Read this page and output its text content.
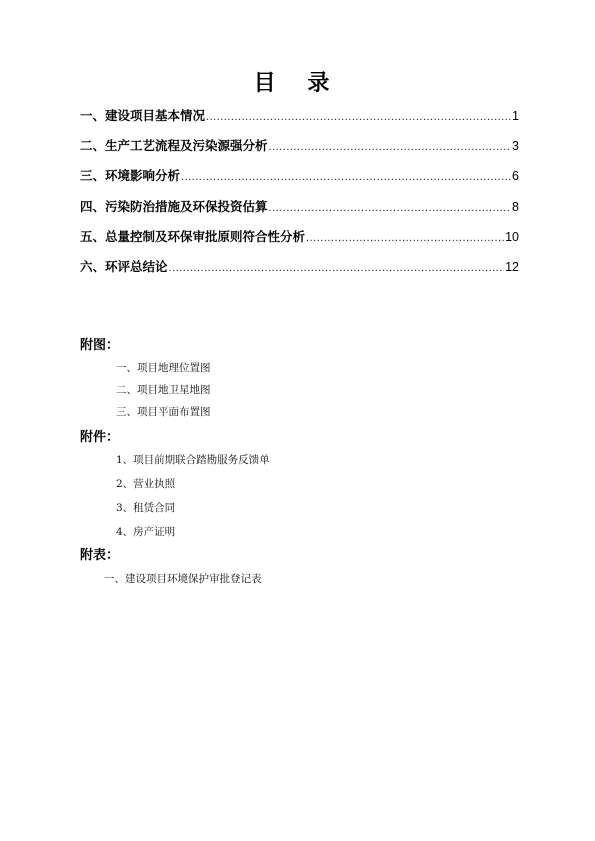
目 录
一、建设项目基本情况 .....	1
二、生产工艺流程及污染源强分析 .....	3
三、环境影响分析 .....	6
四、污染防治措施及环保投资估算 .....	8
五、总量控制及环保审批原则符合性分析 .....	10
六、环评总结论 .....	12
附图：
一、项目地理位置图
二、项目地卫星地图
三、项目平面布置图
附件：
1、项目前期联合踏勘服务反馈单
2、营业执照
3、租赁合同
4、房产证明
附表：
一、建设项目环境保护审批登记表
